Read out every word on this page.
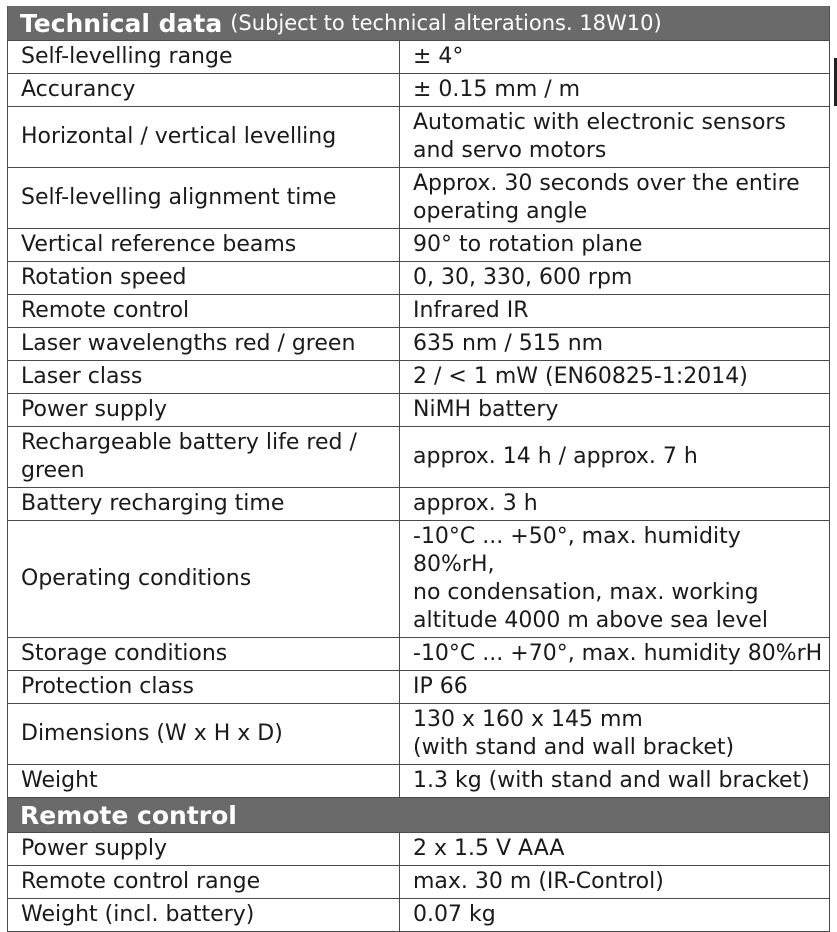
Technical data (Subject to technical alterations. 18W10)
Self-levelling range	± 4°

Accurancy	± 0.15 mm / m

Horizontal / vertical levelling	Automatic with electronic sensors
and servo motors

Self-levelling alignment time	Approx. 30 seconds over the entire
operating angle

Vertical reference beams	90° to rotation plane

Rotation speed	0, 30, 330, 600 rpm

Remote control	Infrared IR

Laser wavelengths red / green	635 nm / 515 nm

Laser class	2 / < 1 mW (EN60825-1:2014)

Power supply	NiMH battery

Rechargeable battery life red / green	approx. 14 h / approx. 7 h

Battery recharging time	approx. 3 h

Operating conditions	-10°C ... +50°, max. humidity 80%rH,
no condensation, max. working
altitude 4000 m above sea level

Storage conditions	-10°C ... +70°, max. humidity 80%rH

Protection class	IP 66

Dimensions (W x H x D)	130 x 160 x 145 mm
(with stand and wall bracket)

Weight	1.3 kg (with stand and wall bracket)
Remote control
Power supply	2 x 1.5 V AAA

Remote control range	max. 30 m (IR-Control)

Weight (incl. battery)	0.07 kg
